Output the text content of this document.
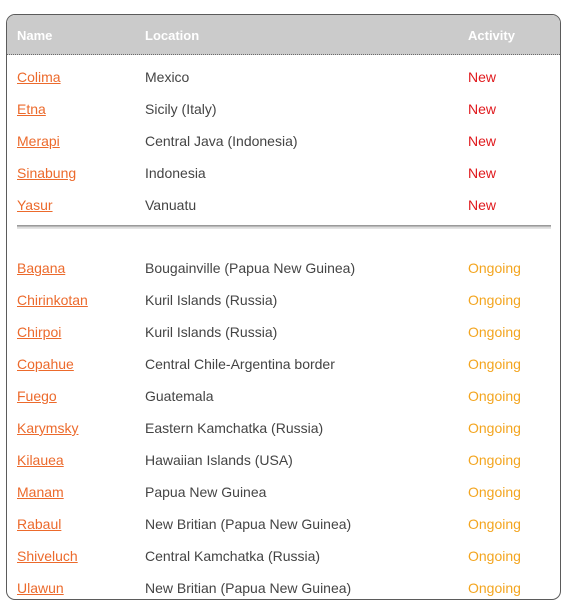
Name	Location	Activity
Colima	Mexico	New
Etna	Sicily (Italy)	New
Merapi	Central Java (Indonesia)	New
Sinabung	Indonesia	New
Yasur	Vanuatu	New
Bagana	Bougainville (Papua New Guinea)	Ongoing
Chirinkotan	Kuril Islands (Russia)	Ongoing
Chirpoi	Kuril Islands (Russia)	Ongoing
Copahue	Central Chile-Argentina border	Ongoing
Fuego	Guatemala	Ongoing
Karymsky	Eastern Kamchatka (Russia)	Ongoing
Kilauea	Hawaiian Islands (USA)	Ongoing
Manam	Papua New Guinea	Ongoing
Rabaul	New Britian (Papua New Guinea)	Ongoing
Shiveluch	Central Kamchatka (Russia)	Ongoing
Ulawun	New Britian (Papua New Guinea)	Ongoing
